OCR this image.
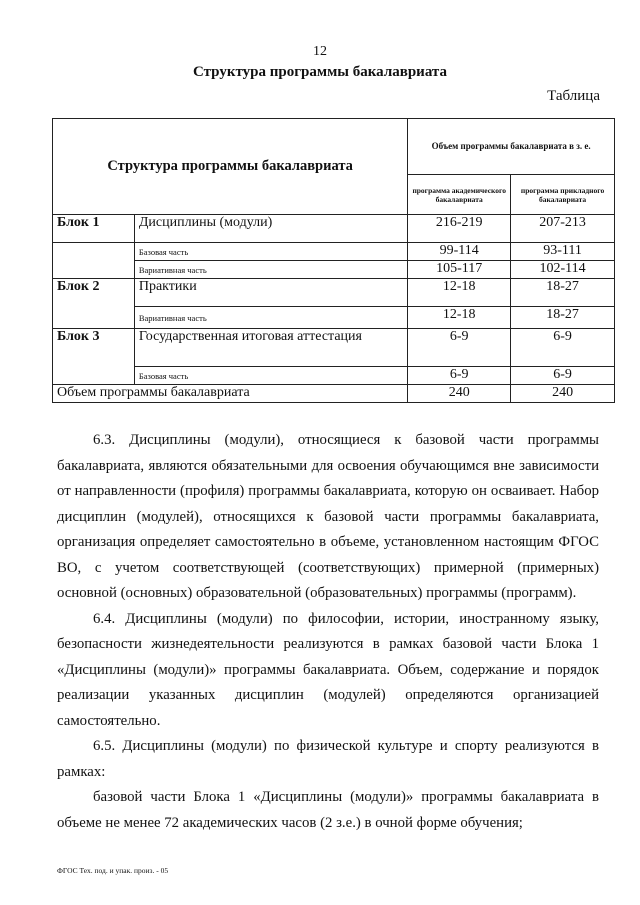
12
Структура программы бакалавриата
Таблица
Структура программы бакалавриата		Объем программы бакалавриата в з. е.	
		программа академического бакалавриата	программа прикладного бакалавриата
Блок 1	Дисциплины (модули)	216-219	207-213
	Базовая часть	99-114	93-111
	Вариативная часть	105-117	102-114
Блок 2	Практики	12-18	18-27
	Вариативная часть	12-18	18-27
Блок 3	Государственная итоговая аттестация	6-9	6-9
	Базовая часть	6-9	6-9
Объем программы бакалавриата		240	240

6.3. Дисциплины (модули), относящиеся к базовой части программы бакалавриата, являются обязательными для освоения обучающимся вне зависимости от направленности (профиля) программы бакалавриата, которую он осваивает. Набор дисциплин (модулей), относящихся к базовой части программы бакалавриата, организация определяет самостоятельно в объеме, установленном настоящим ФГОС ВО, с учетом соответствующей (соответствующих) примерной (примерных) основной (основных) образовательной (образовательных) программы (программ).

6.4. Дисциплины (модули) по философии, истории, иностранному языку, безопасности жизнедеятельности реализуются в рамках базовой части Блока 1 «Дисциплины (модули)» программы бакалавриата. Объем, содержание и порядок реализации указанных дисциплин (модулей) определяются организацией самостоятельно.

6.5. Дисциплины (модули) по физической культуре и спорту реализуются в рамках:

базовой части Блока 1 «Дисциплины (модули)» программы бакалавриата в объеме не менее 72 академических часов (2 з.е.) в очной форме обучения;

ФГОС Тех. под. и упак. произ. - 05
